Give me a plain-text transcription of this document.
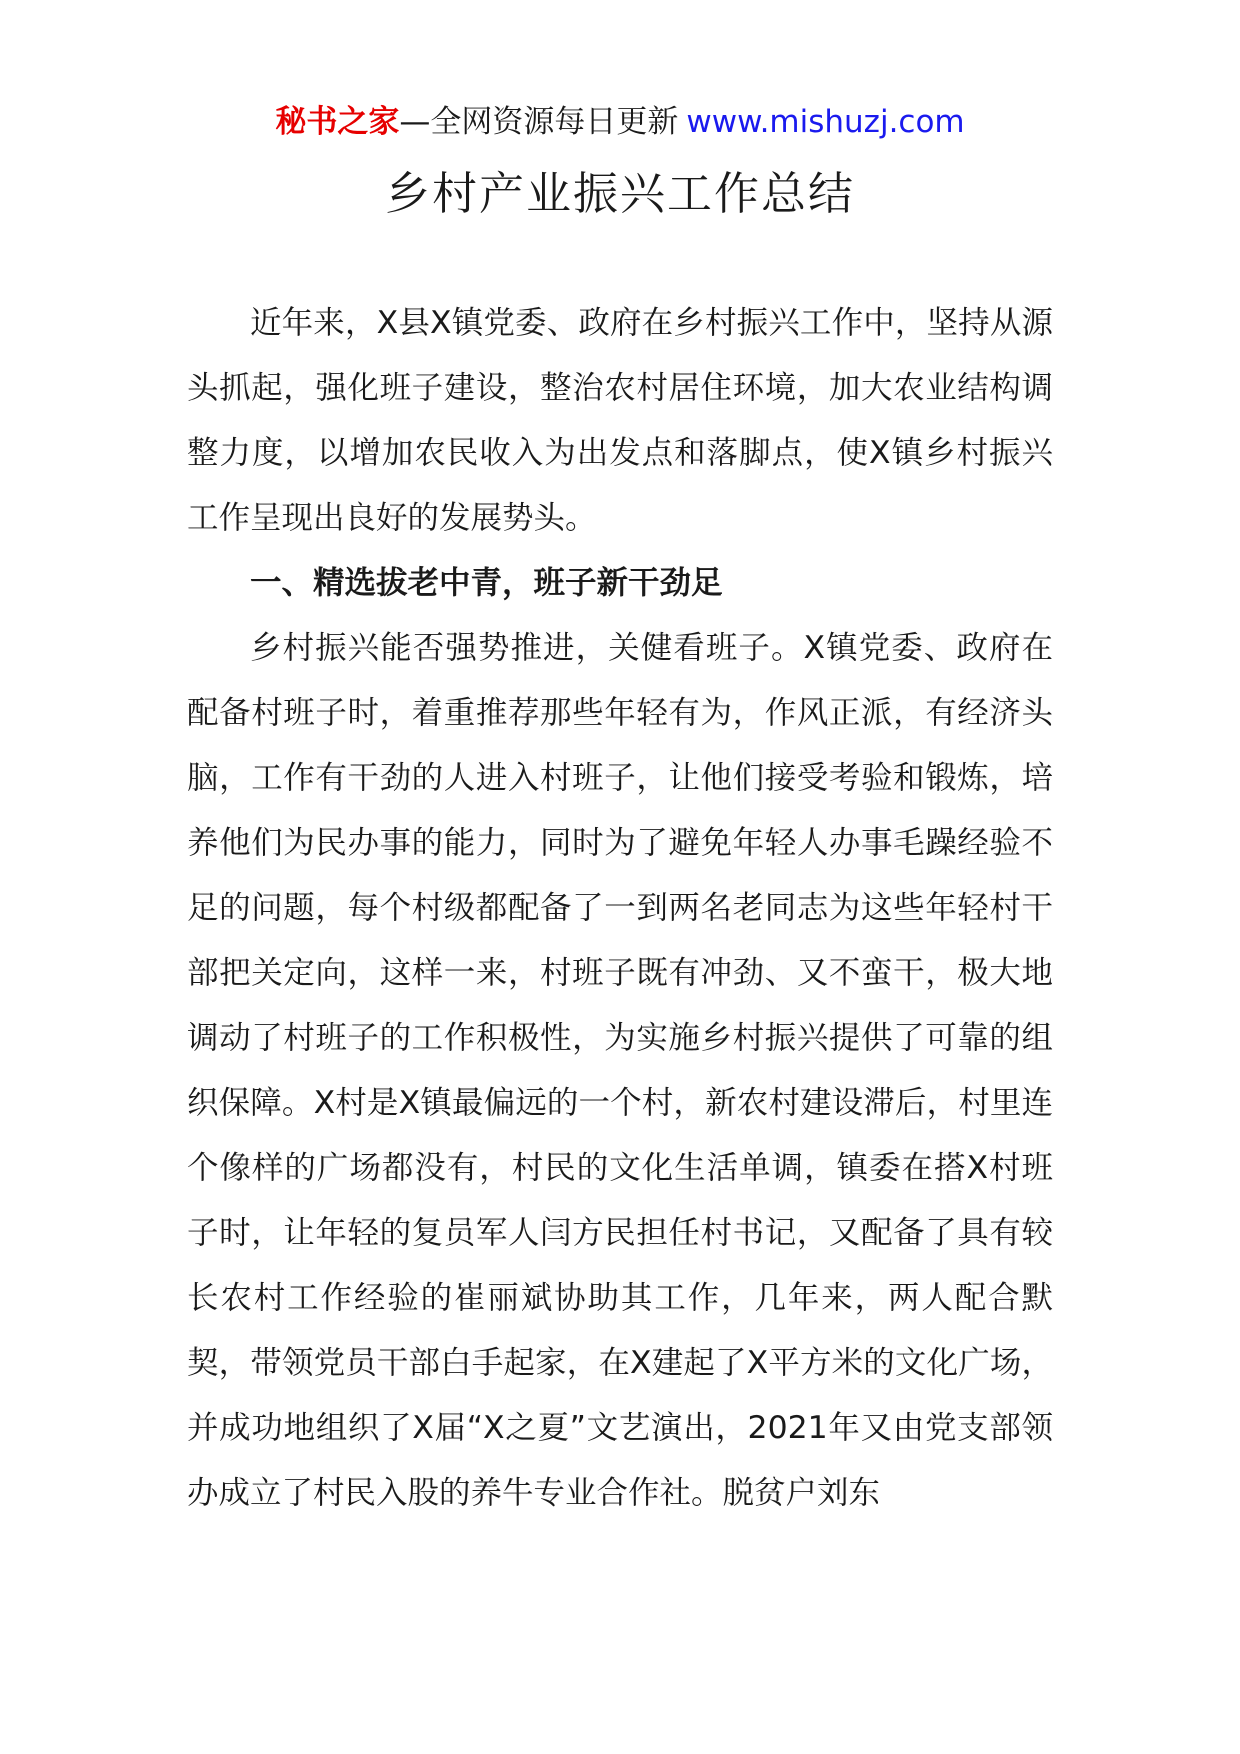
秘书之家—全网资源每日更新 www.mishuzj.com
乡村产业振兴工作总结

近年来，X县X镇党委、政府在乡村振兴工作中，坚持从源头抓起，强化班子建设，整治农村居住环境，加大农业结构调整力度，以增加农民收入为出发点和落脚点，使X镇乡村振兴工作呈现出良好的发展势头。

一、精选拔老中青，班子新干劲足

乡村振兴能否强势推进，关健看班子。X镇党委、政府在配备村班子时，着重推荐那些年轻有为，作风正派，有经济头脑，工作有干劲的人进入村班子，让他们接受考验和锻炼，培养他们为民办事的能力，同时为了避免年轻人办事毛躁经验不足的问题，每个村级都配备了一到两名老同志为这些年轻村干部把关定向，这样一来，村班子既有冲劲、又不蛮干，极大地调动了村班子的工作积极性，为实施乡村振兴提供了可靠的组织保障。X村是X镇最偏远的一个村，新农村建设滞后，村里连个像样的广场都没有，村民的文化生活单调，镇委在搭X村班子时，让年轻的复员军人闫方民担任村书记，又配备了具有较长农村工作经验的崔丽斌协助其工作，几年来，两人配合默契，带领党员干部白手起家，在X建起了X平方米的文化广场，并成功地组织了X届“X之夏”文艺演出，2021年又由党支部领办成立了村民入股的养牛专业合作社。脱贫户刘东
